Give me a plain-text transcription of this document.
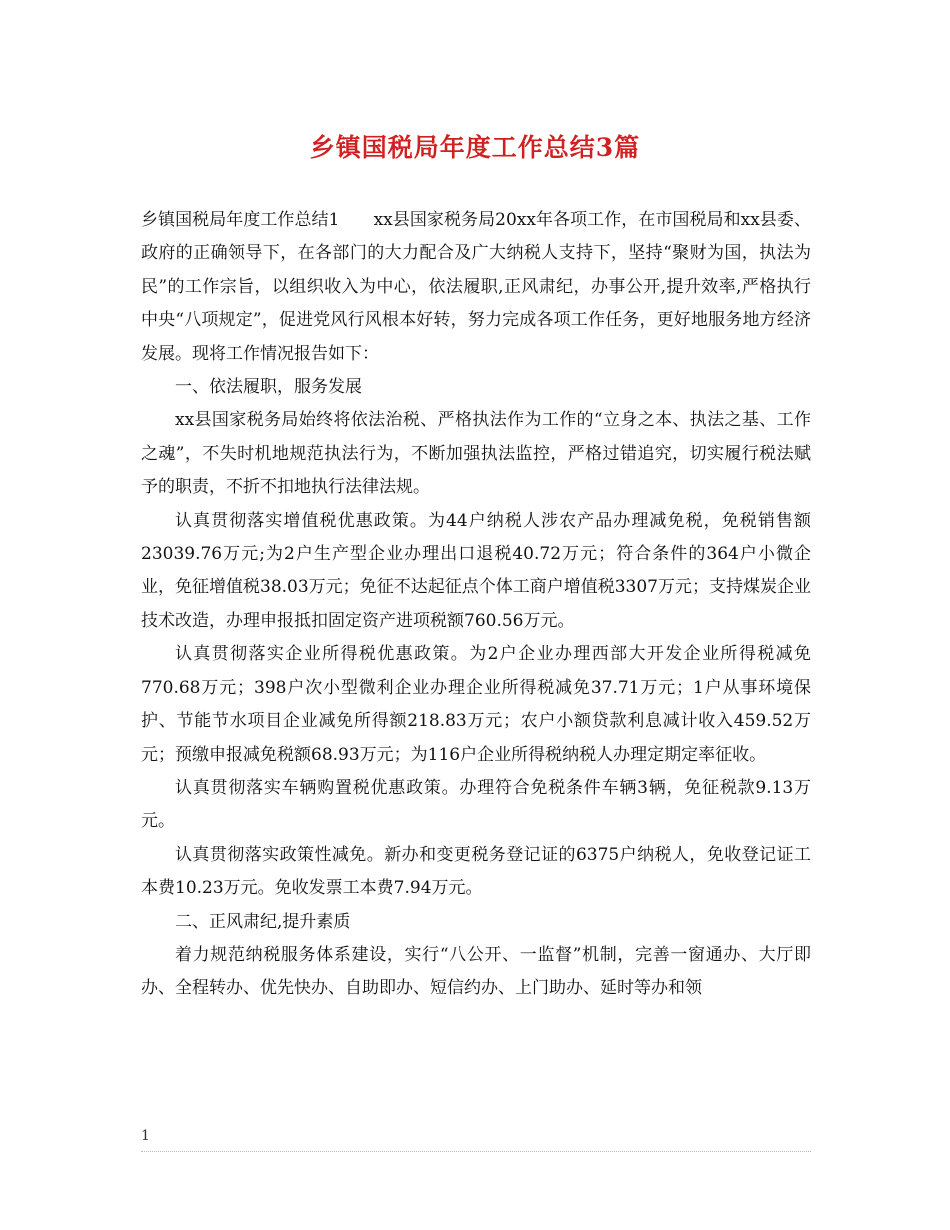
乡镇国税局年度工作总结3篇

乡镇国税局年度工作总结1　　xx县国家税务局20xx年各项工作，在市国税局和xx县委、政府的正确领导下，在各部门的大力配合及广大纳税人支持下，坚持“聚财为国，执法为民”的工作宗旨，以组织收入为中心，依法履职,正风肃纪，办事公开,提升效率,严格执行中央“八项规定”，促进党风行风根本好转，努力完成各项工作任务，更好地服务地方经济发展。现将工作情况报告如下：

一、依法履职，服务发展

xx县国家税务局始终将依法治税、严格执法作为工作的“立身之本、执法之基、工作之魂”，不失时机地规范执法行为，不断加强执法监控，严格过错追究，切实履行税法赋予的职责，不折不扣地执行法律法规。

认真贯彻落实增值税优惠政策。为44户纳税人涉农产品办理减免税，免税销售额23039.76万元;为2户生产型企业办理出口退税40.72万元；符合条件的364户小微企业，免征增值税38.03万元；免征不达起征点个体工商户增值税3307万元；支持煤炭企业技术改造，办理申报抵扣固定资产进项税额760.56万元。

认真贯彻落实企业所得税优惠政策。为2户企业办理西部大开发企业所得税减免770.68万元；398户次小型微利企业办理企业所得税减免37.71万元；1户从事环境保护、节能节水项目企业减免所得额218.83万元；农户小额贷款利息减计收入459.52万元；预缴申报减免税额68.93万元；为116户企业所得税纳税人办理定期定率征收。

认真贯彻落实车辆购置税优惠政策。办理符合免税条件车辆3辆，免征税款9.13万元。

认真贯彻落实政策性减免。新办和变更税务登记证的6375户纳税人，免收登记证工本费10.23万元。免收发票工本费7.94万元。

二、正风肃纪,提升素质

着力规范纳税服务体系建设，实行“八公开、一监督”机制，完善一窗通办、大厅即办、全程转办、优先快办、自助即办、短信约办、上门助办、延时等办和领

1
